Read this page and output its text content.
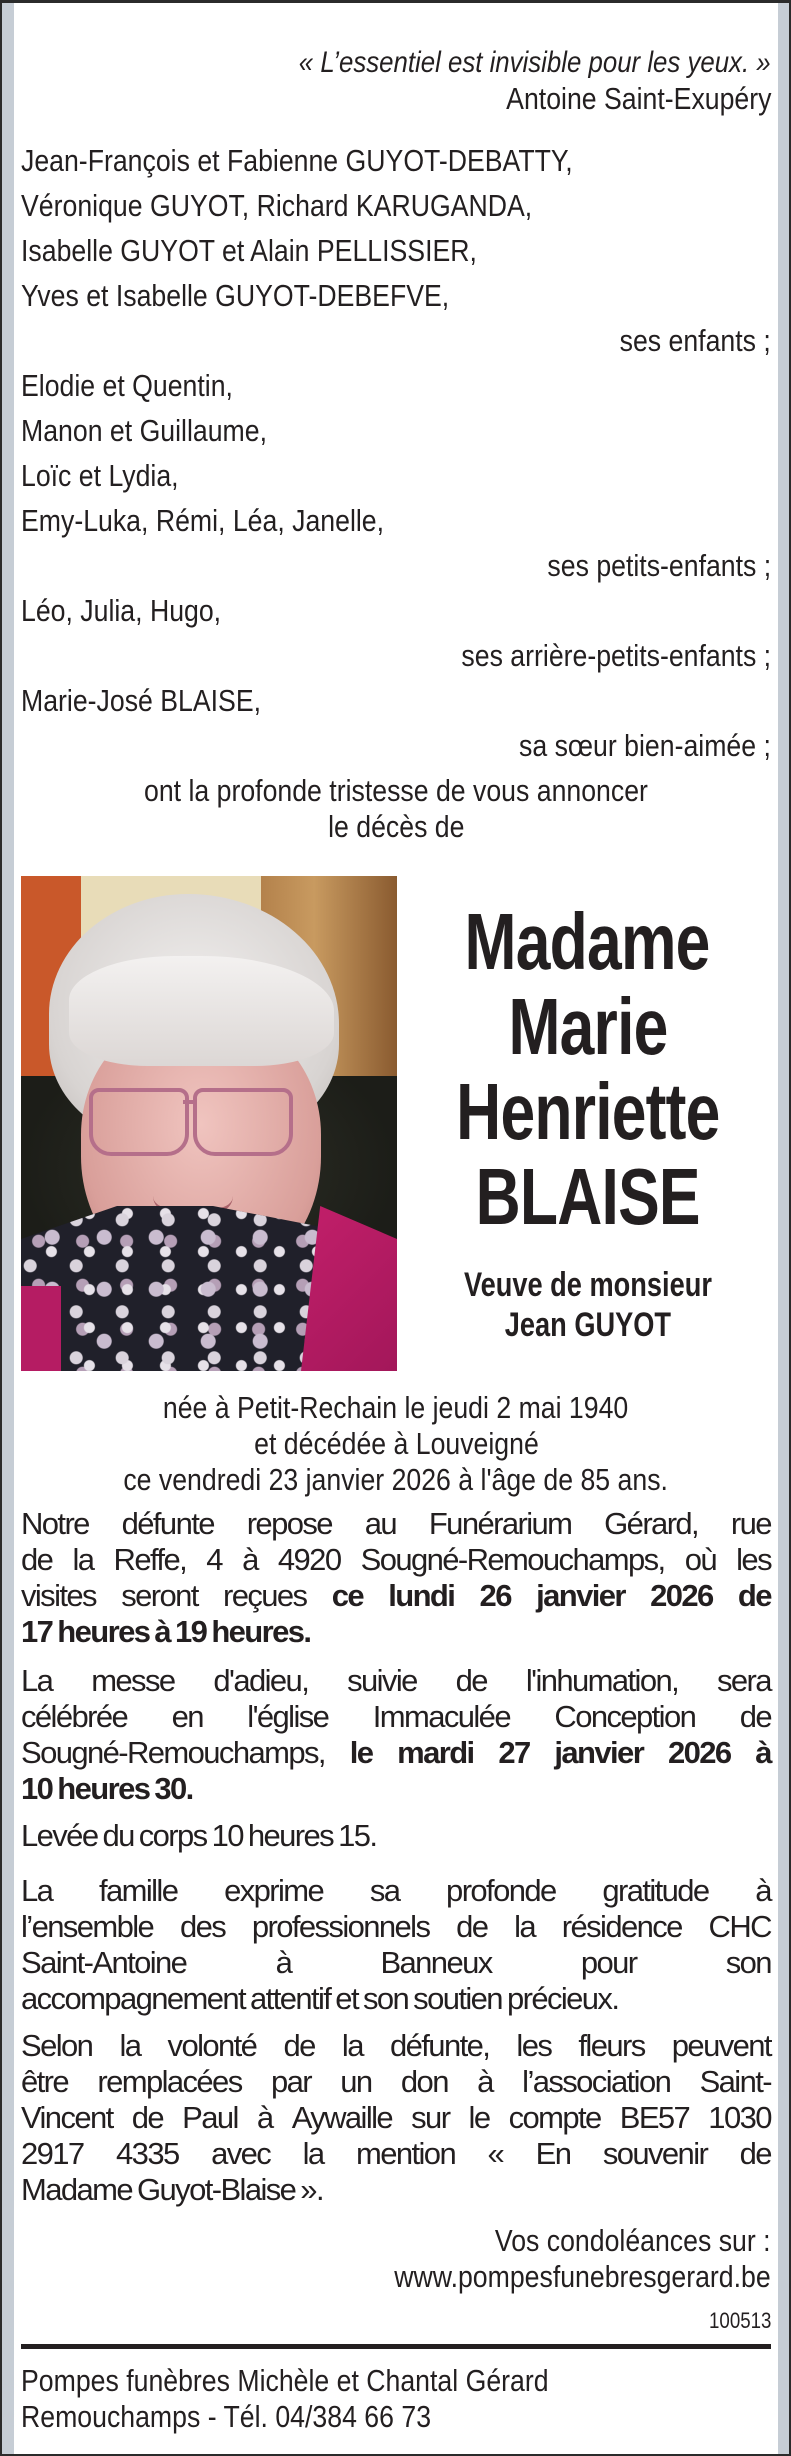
« L’essentiel est invisible pour les yeux. »
Antoine Saint-Exupéry
Jean-François et Fabienne GUYOT-DEBATTY,
Véronique GUYOT, Richard KARUGANDA,
Isabelle GUYOT et Alain PELLISSIER,
Yves et Isabelle GUYOT-DEBEFVE,
ses enfants ;
Elodie et Quentin,
Manon et Guillaume,
Loïc et Lydia,
Emy-Luka, Rémi, Léa, Janelle,
ses petits-enfants ;
Léo, Julia, Hugo,
ses arrière-petits-enfants ;
Marie-José BLAISE,
sa sœur bien-aimée ;
ont la profonde tristesse de vous annoncer
le décès de
Madame
Marie
Henriette
BLAISE
Veuve de monsieur
Jean GUYOT
née à Petit-Rechain le jeudi 2 mai 1940
et décédée à Louveigné
ce vendredi 23 janvier 2026 à l'âge de 85 ans.
Notre défunte repose au Funérarium Gérard, rue
de la Reffe, 4 à 4920 Sougné-Remouchamps, où les
visites seront reçues ce lundi 26 janvier 2026 de
17 heures à 19 heures.
La messe d'adieu, suivie de l'inhumation, sera
célébrée en l'église Immaculée Conception de
Sougné-Remouchamps, le mardi 27 janvier 2026 à
10 heures 30.
Levée du corps 10 heures 15.
La famille exprime sa profonde gratitude à
l’ensemble des professionnels de la résidence CHC
Saint-Antoine	à	Banneux	pour	son
accompagnement attentif et son soutien précieux.
Selon la volonté de la défunte, les fleurs peuvent
être remplacées par un don à l’association Saint-
Vincent de Paul à Aywaille sur le compte BE57 1030
2917 4335 avec la mention « En souvenir de
Madame Guyot-Blaise ».
Vos condoléances sur :
www.pompesfunebresgerard.be
100513
Pompes funèbres Michèle et Chantal Gérard
Remouchamps - Tél. 04/384 66 73
